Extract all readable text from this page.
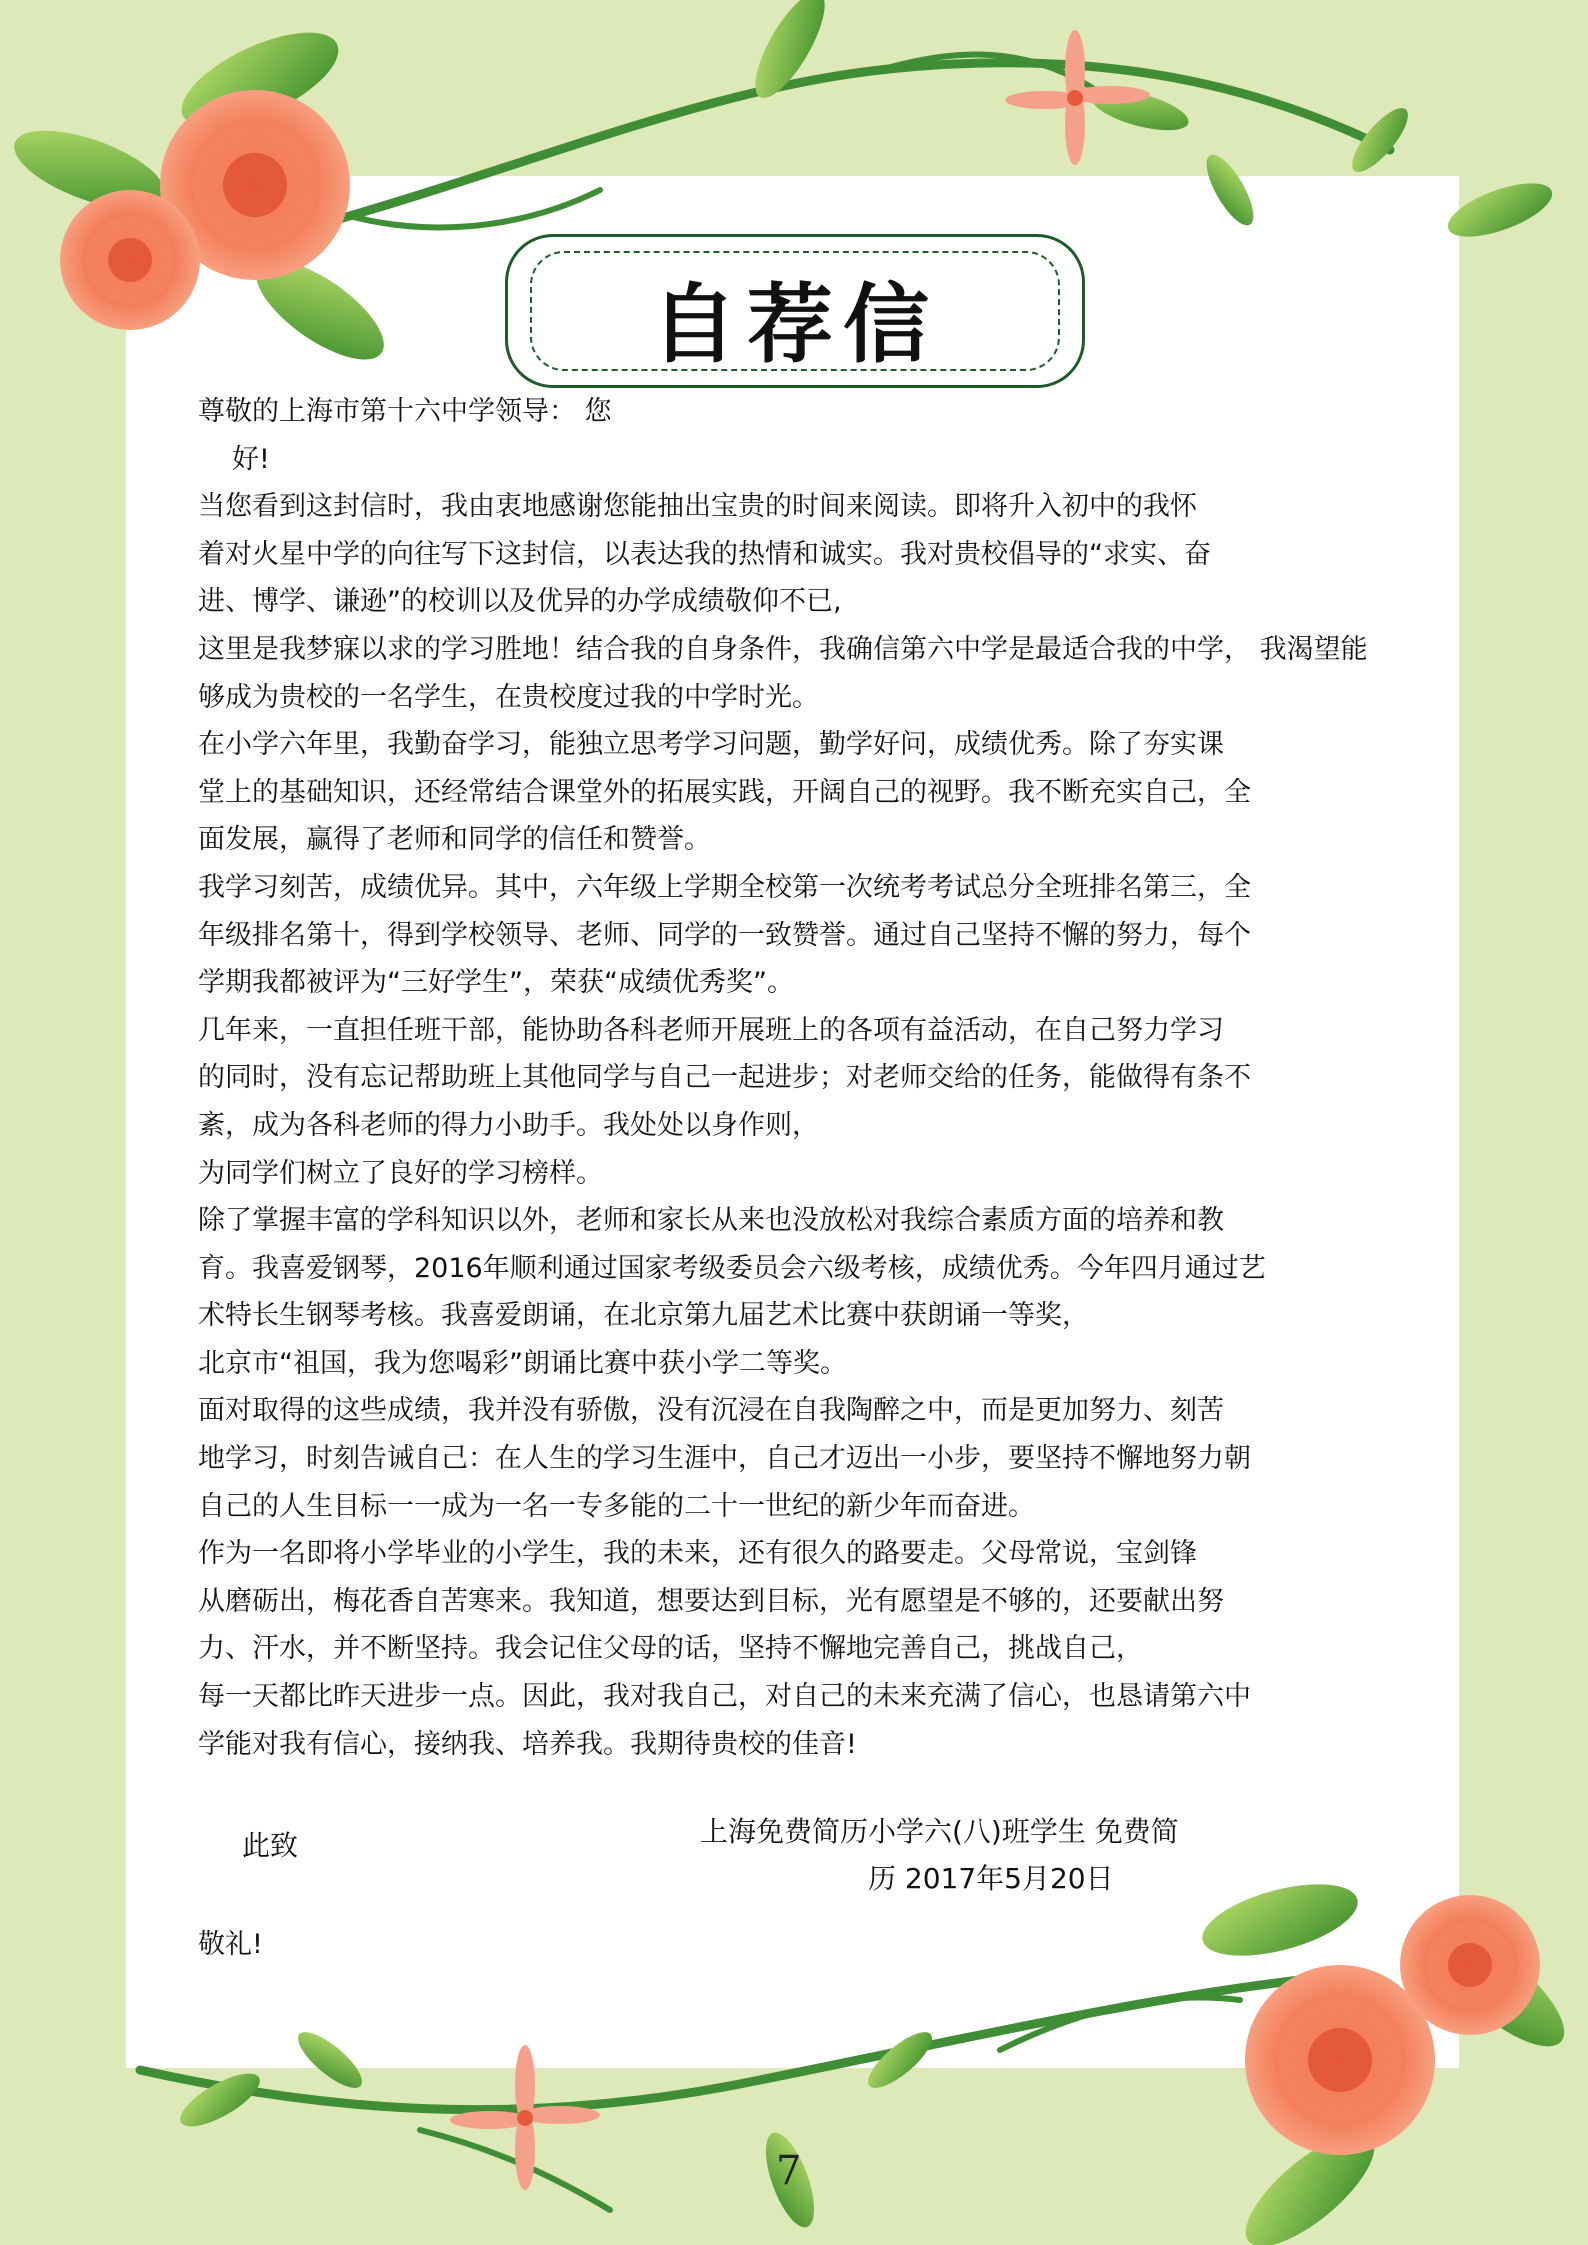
自荐信

尊敬的上海市第十六中学领导： 您

好!

当您看到这封信时，我由衷地感谢您能抽出宝贵的时间来阅读。即将升入初中的我怀

着对火星中学的向往写下这封信，以表达我的热情和诚实。我对贵校倡导的“求实、奋

进、博学、谦逊”的校训以及优异的办学成绩敬仰不已,

这里是我梦寐以求的学习胜地！结合我的自身条件，我确信第六中学是最适合我的中学， 我渴望能

够成为贵校的一名学生，在贵校度过我的中学时光。

在小学六年里，我勤奋学习，能独立思考学习问题，勤学好问，成绩优秀。除了夯实课

堂上的基础知识，还经常结合课堂外的拓展实践，开阔自己的视野。我不断充实自己，全

面发展，赢得了老师和同学的信任和赞誉。

我学习刻苦，成绩优异。其中，六年级上学期全校第一次统考考试总分全班排名第三，全

年级排名第十，得到学校领导、老师、同学的一致赞誉。通过自己坚持不懈的努力，每个

学期我都被评为“三好学生”，荣获“成绩优秀奖”。

几年来，一直担任班干部，能协助各科老师开展班上的各项有益活动，在自己努力学习

的同时，没有忘记帮助班上其他同学与自己一起进步；对老师交给的任务，能做得有条不

紊，成为各科老师的得力小助手。我处处以身作则，

为同学们树立了良好的学习榜样。

除了掌握丰富的学科知识以外，老师和家长从来也没放松对我综合素质方面的培养和教

育。我喜爱钢琴，2016年顺利通过国家考级委员会六级考核，成绩优秀。今年四月通过艺

术特长生钢琴考核。我喜爱朗诵，在北京第九届艺术比赛中获朗诵一等奖，

北京市“祖国，我为您喝彩”朗诵比赛中获小学二等奖。

面对取得的这些成绩，我并没有骄傲，没有沉浸在自我陶醉之中，而是更加努力、刻苦

地学习，时刻告诫自己：在人生的学习生涯中，自己才迈出一小步，要坚持不懈地努力朝

自己的人生目标一一成为一名一专多能的二十一世纪的新少年而奋进。

作为一名即将小学毕业的小学生，我的未来，还有很久的路要走。父母常说，宝剑锋

从磨砺出，梅花香自苦寒来。我知道，想要达到目标，光有愿望是不够的，还要献出努

力、汗水，并不断坚持。我会记住父母的话，坚持不懈地完善自己，挑战自己，

每一天都比昨天进步一点。因此，我对我自己，对自己的未来充满了信心，也恳请第六中

学能对我有信心，接纳我、培养我。我期待贵校的佳音!

此致	上海免费简历小学六(八)班学生 免费简
历 2017年5月20日
敬礼!
7
